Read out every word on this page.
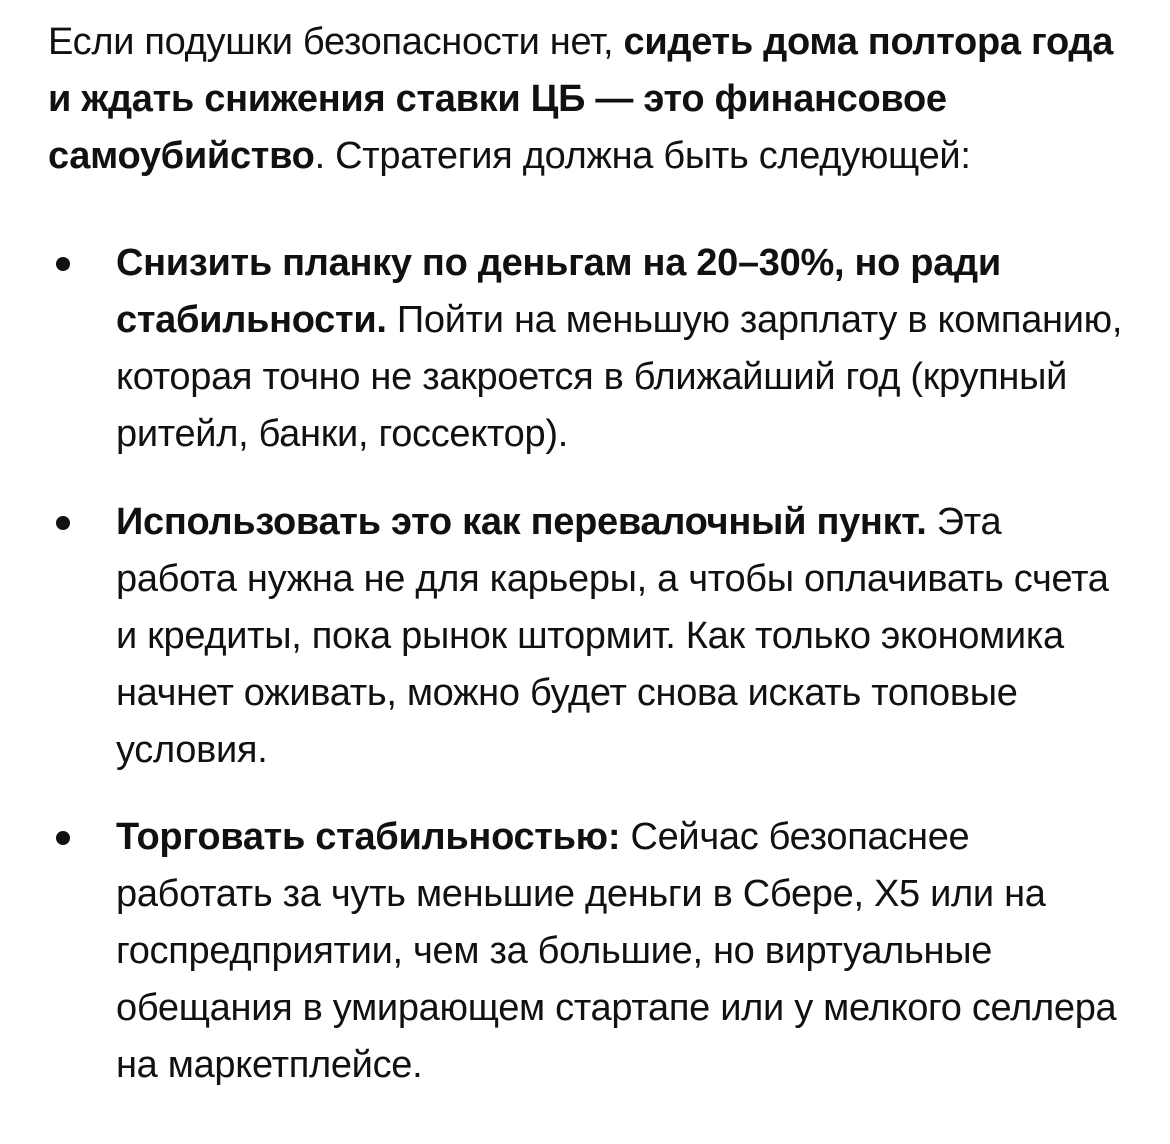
Если подушки безопасности нет, сидеть дома полтора года и ждать снижения ставки ЦБ — это финансовое самоубийство. Стратегия должна быть следующей:

Снизить планку по деньгам на 20–30%, но ради стабильности. Пойти на меньшую зарплату в компанию, которая точно не закроется в ближайший год (крупный ритейл, банки, госсектор).
Использовать это как перевалочный пункт. Эта работа нужна не для карьеры, а чтобы оплачивать счета и кредиты, пока рынок штормит. Как только экономика начнет оживать, можно будет снова искать топовые условия.
Торговать стабильностью: Сейчас безопаснее работать за чуть меньшие деньги в Сбере, Х5 или на госпредприятии, чем за большие, но виртуальные обещания в умирающем стартапе или у мелкого селлера на маркетплейсе.
